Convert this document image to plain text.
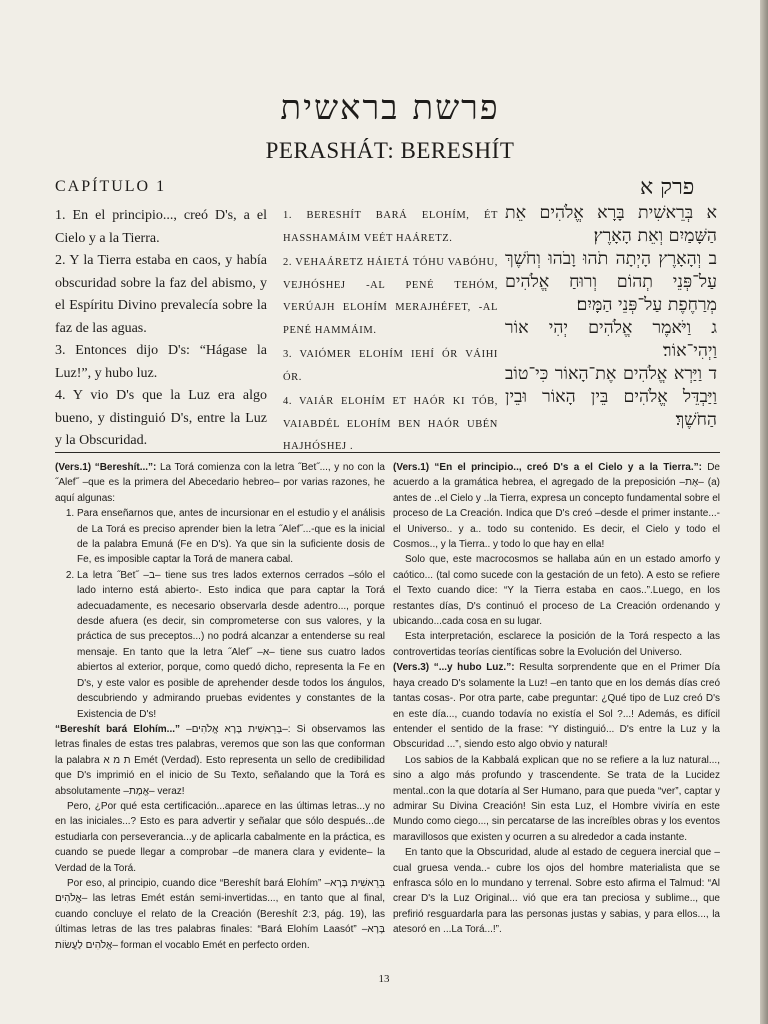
פרשת בראשית
PERASHÁT: BERESHÍT
CAPÍTULO 1	פרק א

1. En el principio..., creó D's, a el Cielo y a la Tierra.

2. Y la Tierra estaba en caos, y había obscuridad sobre la faz del abismo, y el Espíritu Divino prevalecía sobre la faz de las aguas.

3. Entonces dijo D's: “Hágase la Luz!”, y hubo luz.

4. Y vio D's que la Luz era algo bueno, y distinguió D's, entre la Luz y la Obscuridad.

1. BERESHÍT BARÁ ELOHÍM, ÉT HASSHAMÁIM VEÉT HAÁRETZ.

2. VEHAÁRETZ HÁIETÁ TÓHU VABÓHU, VEJHÓSHEJ -AL PENÉ TEHÓM, VERÚAJH ELOHÍM MERAJHÉFET, -AL PENÉ HAMMÁIM.

3. VAIÓMER ELOHÍM IEHÍ ÓR VÁIHI ÓR.

4. VAIÁR ELOHÍM ET HAÓR KI TÓB, VAIABDÉL ELOHÍM BEN HAÓR UBÉN HAJHÓSHEJ .

א בְּרֵאשִׁית בָּרָא אֱלֹהִים אֵת הַשָּׁמַיִם וְאֵת הָאָרֶץ׃

ב וְהָאָרֶץ הָיְתָה תֹהוּ וָבֹהוּ וְחֹשֶׁךְ עַל־פְּנֵי תְהוֹם וְרוּחַ אֱלֹהִים מְרַחֶפֶת עַל־פְּנֵי הַמָּיִם׃

ג וַיֹּאמֶר אֱלֹהִים יְהִי אוֹר וַיְהִי־אוֹר׃

ד וַיַּרְא אֱלֹהִים אֶת־הָאוֹר כִּי־טוֹב וַיַּבְדֵּל אֱלֹהִים בֵּין הָאוֹר וּבֵין הַחֹשֶׁךְ׃

(Vers.1) “Bereshít...”: La Torá comienza con la letra ˝Bet˝..., y no con la ˝Alef˝ –que es la primera del Abecedario hebreo– por varias razones, he aquí algunas:

1. Para enseñarnos que, antes de incursionar en el estudio y el análisis de La Torá es preciso aprender bien la letra ˝Alef˝...-que es la inicial de la palabra Emuná (Fe en D's). Ya que sin la suficiente dosis de Fe, es imposible captar la Torá de manera cabal.
2. La letra ˝Bet˝ –ב– tiene sus tres lados externos cerrados –sólo el lado interno está abierto-. Esto indica que para captar la Torá adecuadamente, es necesario observarla desde adentro..., porque desde afuera (es decir, sin comprometerse con sus valores, y la práctica de sus preceptos...) no podrá alcanzar a entenderse su real mensaje. En tanto que la letra ˝Alef˝ –א– tiene sus cuatro lados abiertos al exterior, porque, como quedó dicho, representa la Fe en D's, y este valor es posible de aprehender desde todos los ángulos, descubriendo y admirando pruebas evidentes y constantes de la Existencia de D's!

“Bereshít bará Elohím...” –בְּרֵאשִׁית בָּרָא אֱלֹהִים–: Si observamos las letras finales de estas tres palabras, veremos que son las que conforman la palabra ת מ א Emét (Verdad). Esto representa un sello de credibilidad que D's imprimió en el inicio de Su Texto, señalando que la Torá es absolutamente –אֱמֶת– veraz!

Pero, ¿Por qué esta certificación...aparece en las últimas letras...y no en las iniciales...? Esto es para advertir y señalar que sólo después...de estudiarla con perseverancia...y de aplicarla cabalmente en la práctica, es cuando se puede llegar a comprobar –de manera clara y evidente– la Verdad de la Torá.

Por eso, al principio, cuando dice “Bereshít bará Elohím” –בְּרֵאשִׁית בָּרָא אֱלֹהִים– las letras Emét están semi-invertidas..., en tanto que al final, cuando concluye el relato de la Creación (Bereshít 2:3, pág. 19), las últimas letras de las tres palabras finales: “Bará Elohím Laasót” –בָּרָא אֱלֹהִים לַעֲשׂוֹת– forman el vocablo Emét en perfecto orden.

(Vers.1) “En el principio.., creó D's a el Cielo y a la Tierra.”: De acuerdo a la gramática hebrea, el agregado de la preposición –אֶת– (a) antes de ..el Cielo y ..la Tierra, expresa un concepto fundamental sobre el proceso de La Creación. Indica que D's creó –desde el primer instante...- el Universo.. y a.. todo su contenido. Es decir, el Cielo y todo el Cosmos.., y la Tierra.. y todo lo que hay en ella!

Solo que, este macrocosmos se hallaba aún en un estado amorfo y caótico... (tal como sucede con la gestación de un feto). A esto se refiere el Texto cuando dice: “Y la Tierra estaba en caos..”.Luego, en los restantes días, D's continuó el proceso de La Creación ordenando y ubicando...cada cosa en su lugar.

Esta interpretación, esclarece la posición de la Torá respecto a las controvertidas teorías científicas sobre la Evolución del Universo.

(Vers.3) “...y hubo Luz.”: Resulta sorprendente que en el Primer Día haya creado D's solamente la Luz! –en tanto que en los demás días creó tantas cosas-. Por otra parte, cabe preguntar: ¿Qué tipo de Luz creó D's en este día..., cuando todavía no existía el Sol ?...! Además, es difícil entender el sentido de la frase: “Y distinguió... D's entre la Luz y la Obscuridad ...”, siendo esto algo obvio y natural!

Los sabios de la Kabbalá explican que no se refiere a la luz natural..., sino a algo más profundo y trascendente. Se trata de la Lucidez mental..con la que dotaría al Ser Humano, para que pueda “ver”, captar y admirar Su Divina Creación! Sin esta Luz, el Hombre viviría en este Mundo como ciego..., sin percatarse de las increíbles obras y los eventos maravillosos que existen y ocurren a su alrededor a cada instante.

En tanto que la Obscuridad, alude al estado de ceguera inercial que –cual gruesa venda..- cubre los ojos del hombre materialista que se enfrasca sólo en lo mundano y terrenal. Sobre esto afirma el Talmud: “Al crear D's la Luz Original... vió que era tan preciosa y sublime.., que prefirió resguardarla para las personas justas y sabias, y para ellos..., la atesoró en ...La Torá...!”.

13
